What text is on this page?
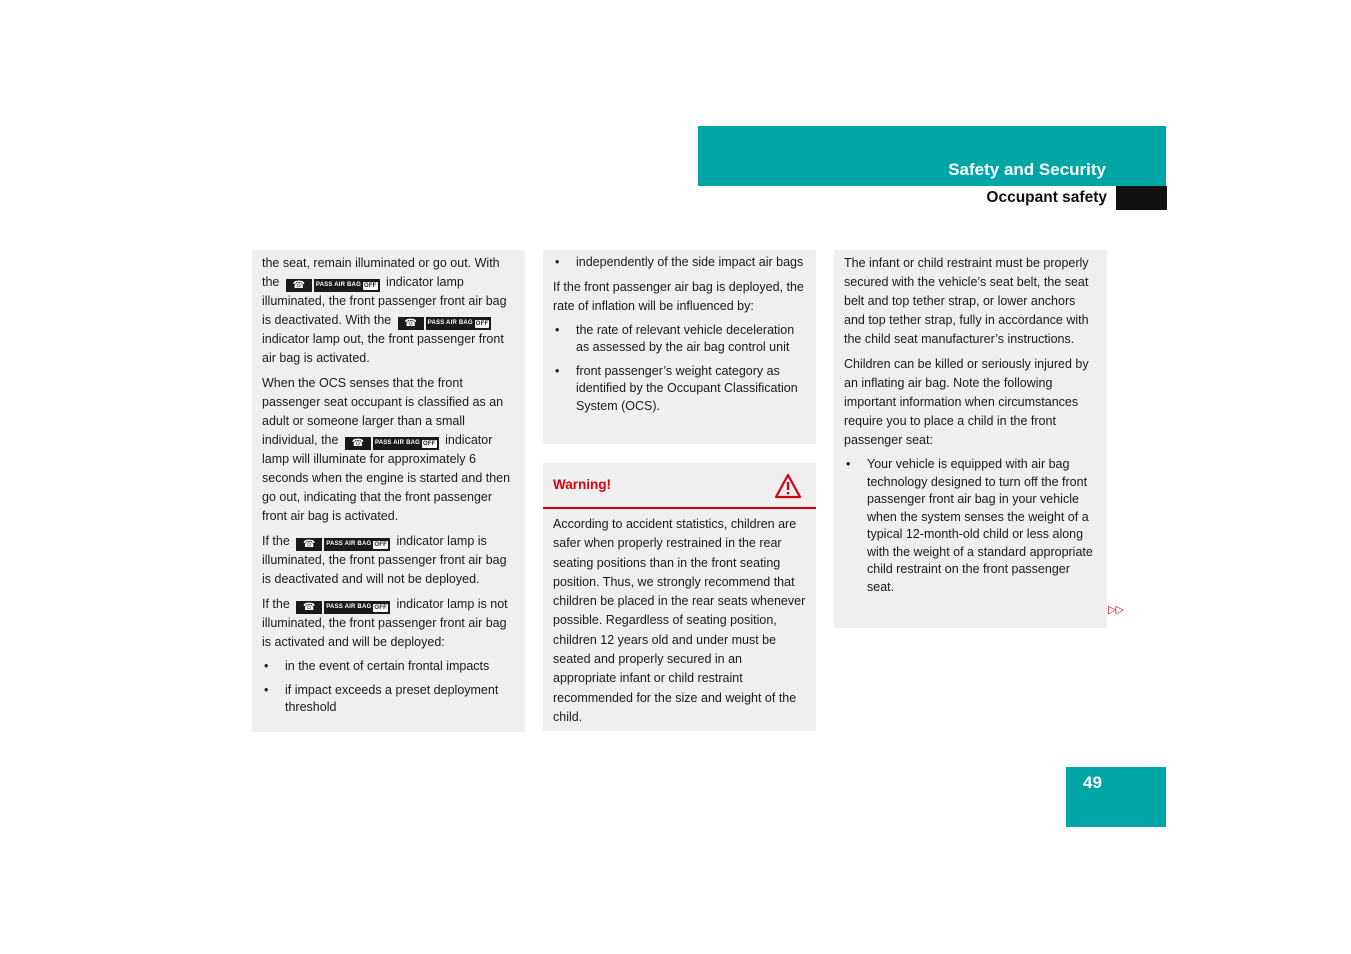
Safety and Security
Occupant safety

the seat, remain illuminated or go out. With the	☎	PASS AIR BAG OFF indicator lamp illuminated, the front passenger front air bag is deactivated. With the	☎	PASS AIR BAG OFF
indicator lamp out, the front passenger front air bag is activated.

When the OCS senses that the front passenger seat occupant is classified as an adult or someone larger than a small individual, the	☎	PASS AIR BAG OFF indicator lamp will illuminate for approximately 6 seconds when the engine is started and then go out, indicating that the front passenger front air bag is activated.

If the	☎	PASS AIR BAG OFF indicator lamp is illuminated, the front passenger front air bag is deactivated and will not be deployed.

If the	☎	PASS AIR BAG OFF indicator lamp is not illuminated, the front passenger front air bag is activated and will be deployed:

• in the event of certain frontal impacts
• if impact exceeds a preset deployment threshold
• independently of the side impact air bags

If the front passenger air bag is deployed, the rate of inflation will be influenced by:

• the rate of relevant vehicle deceleration as assessed by the air bag control unit
• front passenger’s weight category as identified by the Occupant Classification System (OCS).
Warning!
According to accident statistics, children are safer when properly restrained in the rear seating positions than in the front seating position. Thus, we strongly recommend that children be placed in the rear seats whenever possible. Regardless of seating position, children 12 years old and under must be seated and properly secured in an appropriate infant or child restraint recommended for the size and weight of the child.

The infant or child restraint must be properly secured with the vehicle’s seat belt, the seat belt and top tether strap, or lower anchors and top tether strap, fully in accordance with the child seat manufacturer’s instructions.

Children can be killed or seriously injured by an inflating air bag. Note the following important information when circumstances require you to place a child in the front passenger seat:

• Your vehicle is equipped with air bag technology designed to turn off the front passenger front air bag in your vehicle when the system senses the weight of a typical 12-month-old child or less along with the weight of a standard appropriate child restraint on the front passenger seat.
▷▷
49
